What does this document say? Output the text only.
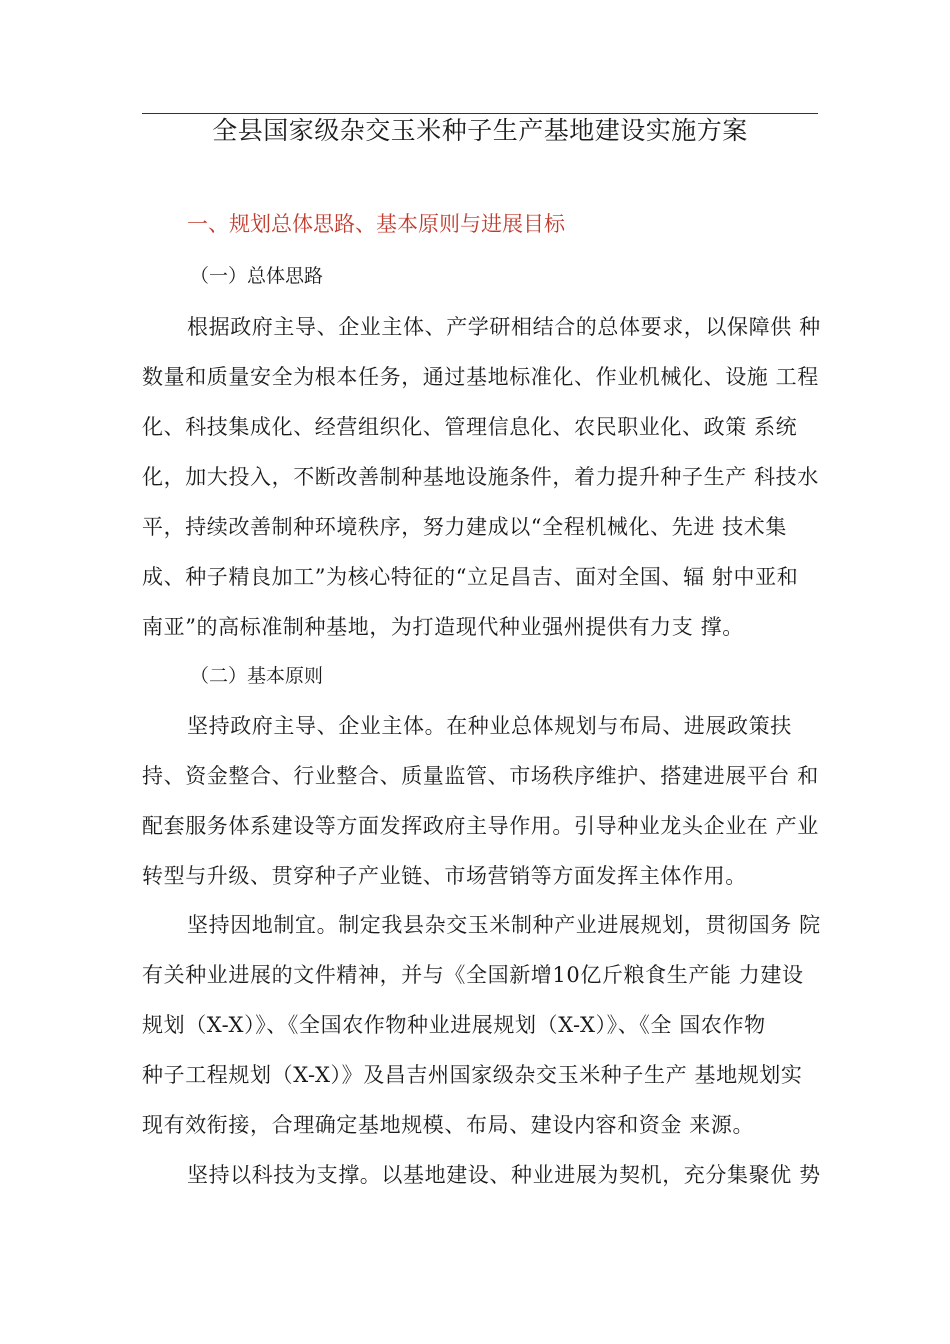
全县国家级杂交玉米种子生产基地建设实施方案
一、规划总体思路、基本原则与进展目标
（一）总体思路
根据政府主导、企业主体、产学研相结合的总体要求，以保障供 种
数量和质量安全为根本任务，通过基地标准化、作业机械化、设施 工程
化、科技集成化、经营组织化、管理信息化、农民职业化、政策 系统
化，加大投入，不断改善制种基地设施条件，着力提升种子生产 科技水
平，持续改善制种环境秩序，努力建成以“全程机械化、先进 技术集
成、种子精良加工”为核心特征的“立足昌吉、面对全国、辐 射中亚和
南亚”的高标准制种基地，为打造现代种业强州提供有力支 撑。
（二）基本原则
坚持政府主导、企业主体。在种业总体规划与布局、进展政策扶
持、资金整合、行业整合、质量监管、市场秩序维护、搭建进展平台 和
配套服务体系建设等方面发挥政府主导作用。引导种业龙头企业在 产业
转型与升级、贯穿种子产业链、市场营销等方面发挥主体作用。
坚持因地制宜。制定我县杂交玉米制种产业进展规划，贯彻国务 院
有关种业进展的文件精神，并与《全国新增10亿斤粮食生产能 力建设
规划（X-X）》、《全国农作物种业进展规划（X-X）》、《全 国农作物
种子工程规划（X-X）》及昌吉州国家级杂交玉米种子生产 基地规划实
现有效衔接，合理确定基地规模、布局、建设内容和资金 来源。
坚持以科技为支撑。以基地建设、种业进展为契机，充分集聚优 势
